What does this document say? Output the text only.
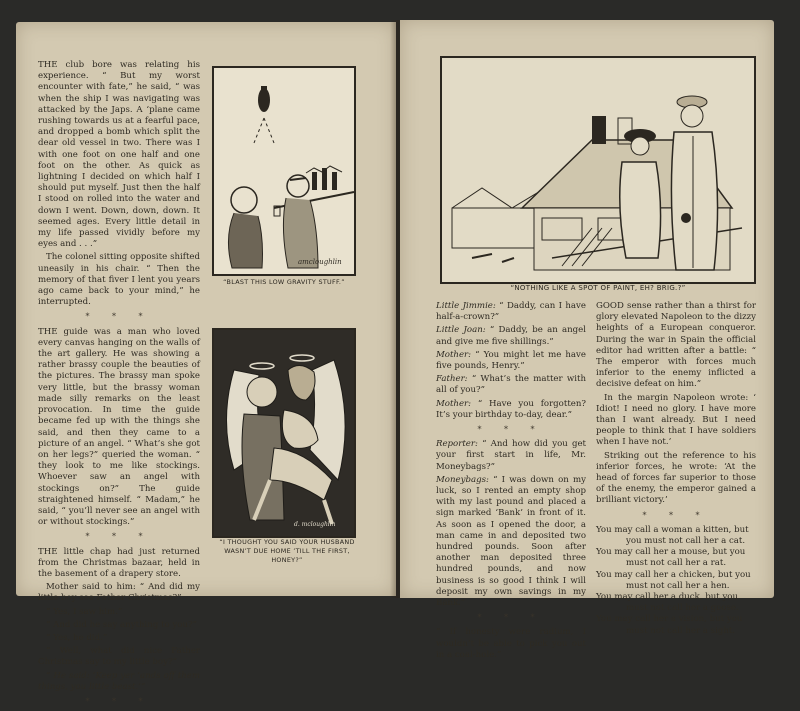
THE club bore was relating his experience. “ But my worst encounter with fate,” he said, “ was when the ship I was navigating was attacked by the Japs. A ‘plane came rushing towards us at a fearful pace, and dropped a bomb which split the dear old vessel in two. There was I with one foot on one half and one foot on the other. As quick as lightning I decided on which half I should put myself. Just then the half I stood on rolled into the water and down I went. Down, down, down. It seemed ages. Every little detail in my life passed vividly before my eyes and . . .”

The colonel sitting opposite shifted uneasily in his chair. “ Then the memory of that fiver I lent you years ago came back to your mind,” he interrupted.

* * *

THE guide was a man who loved every canvas hanging on the walls of the art gallery. He was showing a rather brassy couple the beauties of the pictures. The brassy man spoke very little, but the brassy woman made silly remarks on the least provocation. In time the guide became fed up with the things she said, and then they came to a picture of an angel. “ What’s she got on her legs?” queried the woman. “ they look to me like stockings. Whoever saw an angel with stockings on?” The guide straightened himself. “ Madam,” he said, “ you’ll never see an angel with or without stockings.”

* * *

THE little chap had just returned from the Christmas bazaar, held in the basement of a drapery store.

Mother said to him: “ And did my little boy see Father Christmas?”

“ Yes, I saw him.”

“ And did he say anything to you?”

“ Yes, he did.”

“ Well, what did nice Father Christmas say to my little boy?”

“ He said: ‘Keep yer ’ands off them things, you little beast.’”

* * *
amcloughlin
“BLAST THIS LOW GRAVITY STUFF.”
d. mcloughlin
“I THOUGHT YOU SAID YOUR HUSBAND WASN’T DUE HOME ’TILL THE FIRST, HONEY?”
“NOTHING LIKE A SPOT OF PAINT, EH? BRIG.?”

Little Jimmie: “ Daddy, can I have half-a-crown?”

Little Joan: “ Daddy, be an angel and give me five shillings.”

Mother: “ You might let me have five pounds, Henry.”

Father: “ What’s the matter with all of you?”

Mother: “ Have you forgotten? It’s your birthday to-day, dear.”

* * *

Reporter: “ And how did you get your first start in life, Mr. Moneybags?”

Moneybags: “ I was down on my luck, so I rented an empty shop with my last pound and placed a sign marked ‘Bank’ in front of it. As soon as I opened the door, a man came in and deposited two hundred pounds. Soon after another man deposited three hundred pounds, and now business is so good I think I will deposit my own savings in my Bank.”

* * *

“ If honesty were radium, I wouldn’t be able to pick you out in a coal-hole.”

GOOD sense rather than a thirst for glory elevated Napoleon to the dizzy heights of a European conqueror. During the war in Spain the official editor had written after a battle: “ The emperor with forces much inferior to the enemy inflicted a decisive defeat on him.”

In the margin Napoleon wrote: ‘ Idiot! I need no glory. I have more than I want already. But I need people to think that I have soldiers when I have not.’

Striking out the reference to his inferior forces, he wrote: ‘At the head of forces far superior to those of the enemy, the emperor gained a brilliant victory.’

* * *

You may call a woman a kitten, but

you must not call her a cat.

You may call her a mouse, but you

must not call her a rat.

You may call her a chicken, but you

must not call her a hen.

You may call her a duck, but you

must not call her a goose.

You may call her a vision, but you

must not call her a sight.
